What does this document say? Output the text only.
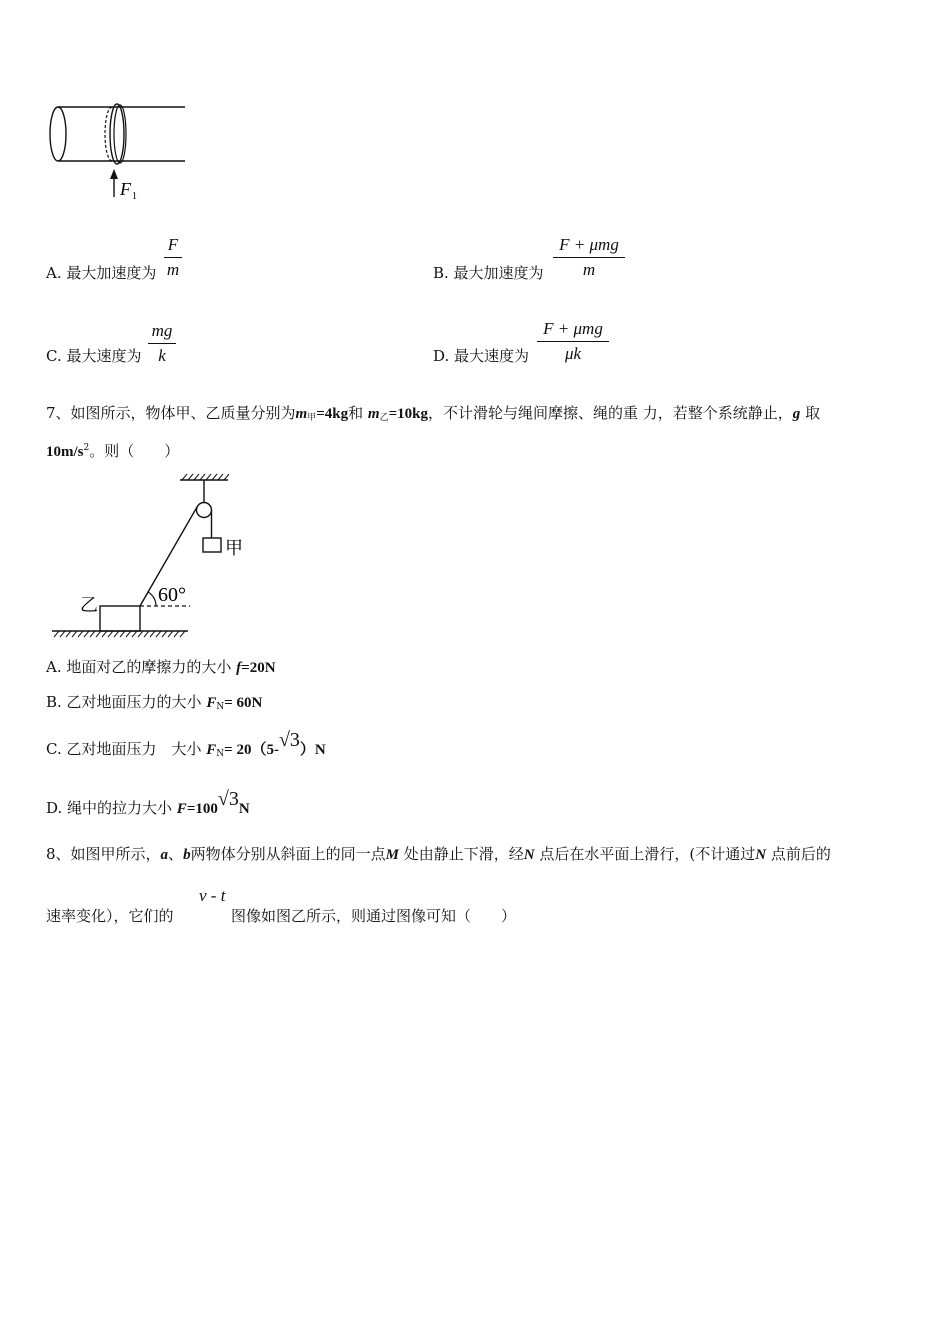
F 1
A. 最大加速度为
F
m	B. 最大加速度为
F + μmg
m
C. 最大速度为
mg
k	D. 最大速度为
F + μmg
μk
7、如图所示，物体甲、乙质量分别为$m_甲=4kg$和 $m_乙=10kg$，不计滑轮与绳间摩擦、绳的重 力，若整个系统静止，g 取
$10m/s^2$。则（　　）
甲
60°
乙
A. 地面对乙的摩擦力的大小 f=20N
B. 乙对地面压力的大小 $F_N= 60N$
C. 乙对地面压力　大小 $F_N= 20(5-√3)N$
D. 绳中的拉力大小 F=100√3N
8、如图甲所示，a、b两物体分别从斜面上的同一点M 处由静止下滑，经N 点后在水平面上滑行，(不计通过N 点前后的
速率变化），它们的
v - t
图像如图乙所示，则通过图像可知（　　）
